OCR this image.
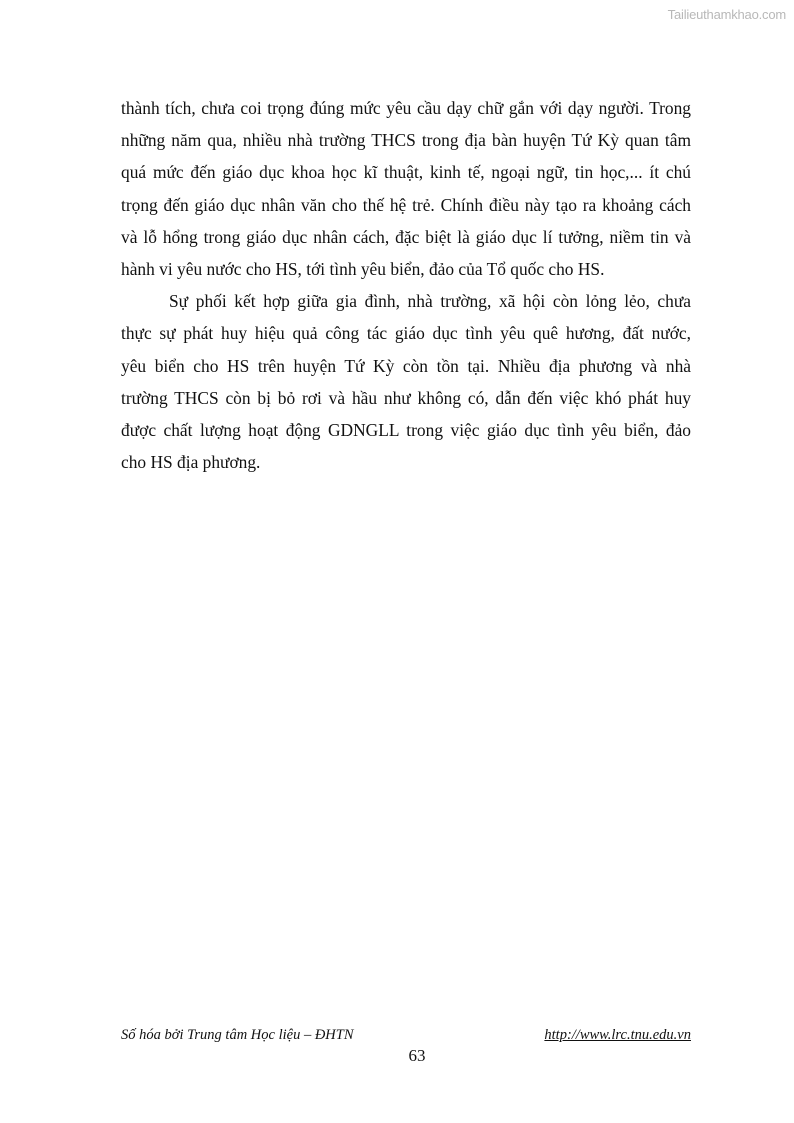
Tailieuthamkhao.com

thành tích, chưa coi trọng đúng mức yêu cầu dạy chữ gắn với dạy người. Trong
những năm qua, nhiều nhà trường THCS trong địa bàn huyện Tứ Kỳ quan tâm
quá mức đến giáo dục khoa học kĩ thuật, kinh tế, ngoại ngữ, tin học,... ít chú
trọng đến giáo dục nhân văn cho thế hệ trẻ. Chính điều này tạo ra khoảng cách
và lỗ hổng trong giáo dục nhân cách, đặc biệt là giáo dục lí tưởng, niềm tin và
hành vi yêu nước cho HS, tới tình yêu biển, đảo của Tổ quốc cho HS.

Sự phối kết hợp giữa gia đình, nhà trường, xã hội còn lỏng lẻo, chưa
thực sự phát huy hiệu quả công tác giáo dục tình yêu quê hương, đất nước,
yêu biển cho HS trên huyện Tứ Kỳ còn tồn tại. Nhiều địa phương và nhà
trường THCS còn bị bỏ rơi và hầu như không có, dẫn đến việc khó phát huy
được chất lượng hoạt động GDNGLL trong việc giáo dục tình yêu biển, đảo
cho HS địa phương.

Số hóa bởi Trung tâm Học liệu – ĐHTN	http://www.lrc.tnu.edu.vn
63
